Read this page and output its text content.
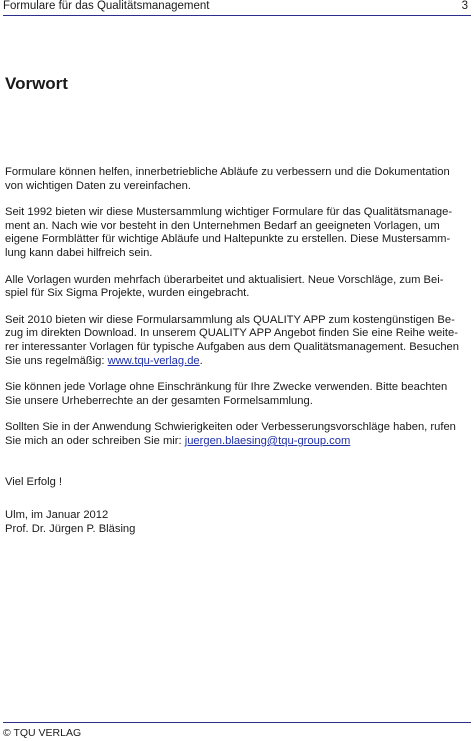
Formulare für das Qualitätsmanagement	3
Vorwort

Formulare können helfen, innerbetriebliche Abläufe zu verbessern und die Dokumentation
von wichtigen Daten zu vereinfachen.

Seit 1992 bieten wir diese Mustersammlung wichtiger Formulare für das Qualitätsmanage-
ment an. Nach wie vor besteht in den Unternehmen Bedarf an geeigneten Vorlagen, um
eigene Formblätter für wichtige Abläufe und Haltepunkte zu erstellen. Diese Mustersamm-
lung kann dabei hilfreich sein.

Alle Vorlagen wurden mehrfach überarbeitet und aktualisiert. Neue Vorschläge, zum Bei-
spiel für Six Sigma Projekte, wurden eingebracht.

Seit 2010 bieten wir diese Formularsammlung als QUALITY APP zum kostengünstigen Be-
zug im direkten Download. In unserem QUALITY APP Angebot finden Sie eine Reihe weite-
rer interessanter Vorlagen für typische Aufgaben aus dem Qualitätsmanagement. Besuchen
Sie uns regelmäßig: www.tqu-verlag.de.

Sie können jede Vorlage ohne Einschränkung für Ihre Zwecke verwenden. Bitte beachten
Sie unsere Urheberrechte an der gesamten Formelsammlung.

Sollten Sie in der Anwendung Schwierigkeiten oder Verbesserungsvorschläge haben, rufen
Sie mich an oder schreiben Sie mir: juergen.blaesing@tqu-group.com

Viel Erfolg !

Ulm, im Januar 2012
Prof. Dr. Jürgen P. Bläsing

© TQU VERLAG
